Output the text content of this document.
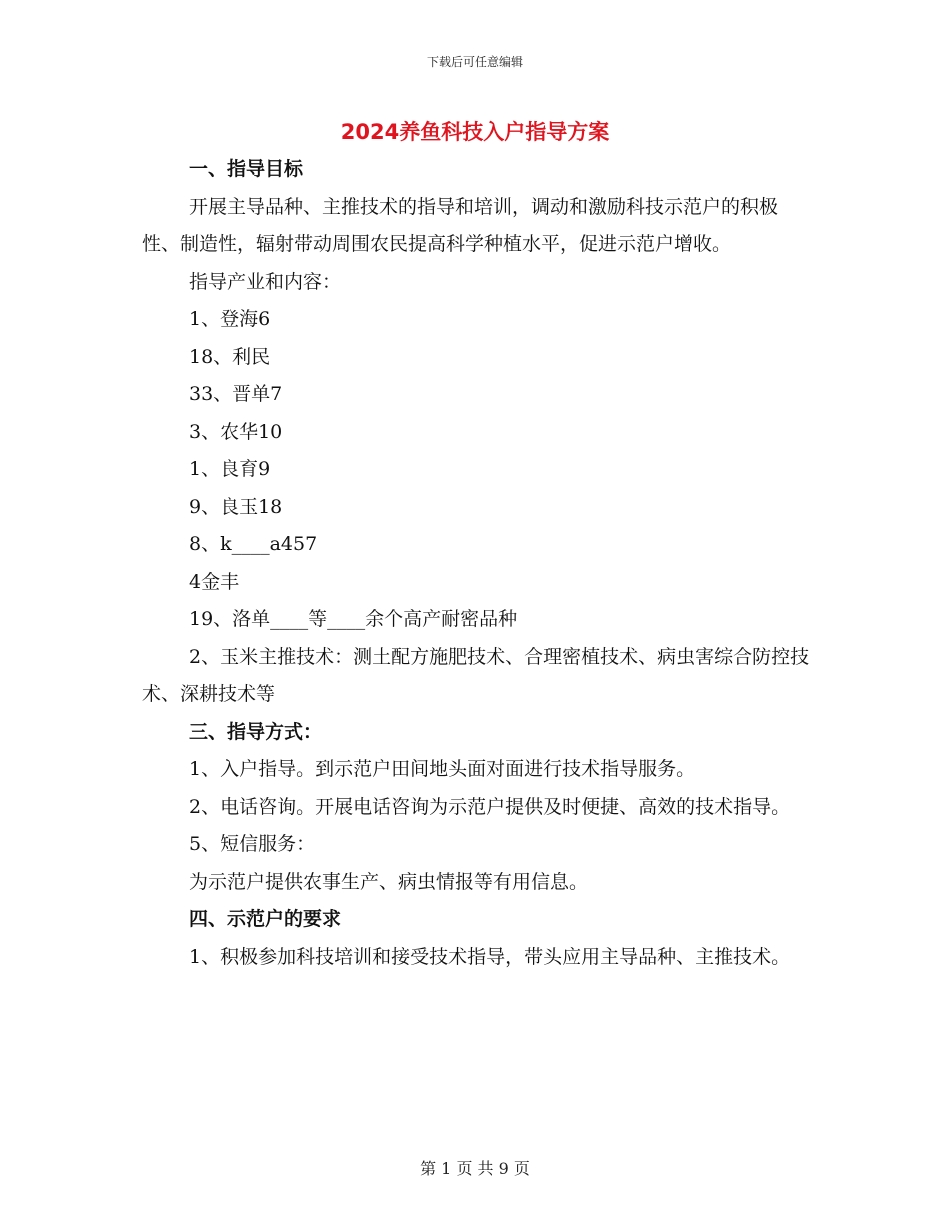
下载后可任意编辑
2024养鱼科技入户指导方案

一、指导目标

开展主导品种、主推技术的指导和培训，调动和激励科技示范户的积极性、制造性，辐射带动周围农民提高科学种植水平，促进示范户增收。

指导产业和内容：

1、登海6

18、利民

33、晋单7

3、农华10

1、良育9

9、良玉18

8、k____a457

4金丰

19、洛单____等____余个高产耐密品种

2、玉米主推技术：测土配方施肥技术、合理密植技术、病虫害综合防控技术、深耕技术等

三、指导方式：

1、入户指导。到示范户田间地头面对面进行技术指导服务。

2、电话咨询。开展电话咨询为示范户提供及时便捷、高效的技术指导。

5、短信服务：

为示范户提供农事生产、病虫情报等有用信息。

四、示范户的要求

1、积极参加科技培训和接受技术指导，带头应用主导品种、主推技术。

第 1 页 共 9 页
